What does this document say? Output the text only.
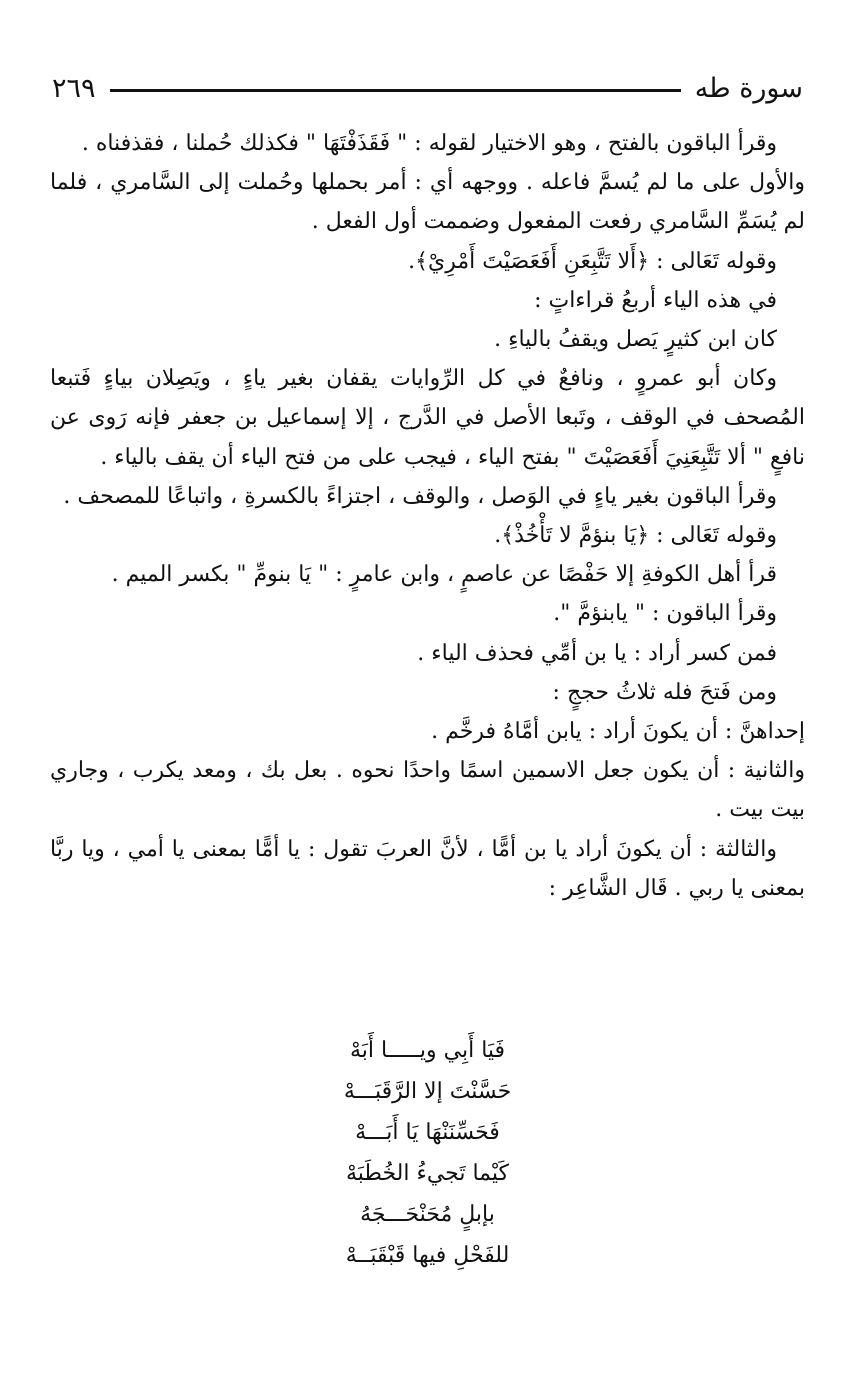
سورة طه
٢٦٩

وقرأ الباقون بالفتح ، وهو الاختيار لقوله : " فَقَذَفْتَهَا " فكذلك حُملنا ، فقذفناه .

والأول على ما لم يُسمَّ فاعله . ووجهه أي : أمر بحملها وحُملت إلى السَّامري ، فلما لم يُسَمِّ السَّامري رفعت المفعول وضممت أول الفعل .

وقوله تَعَالى : ﴿أَلا تَتَّبِعَنِ أَفَعَصَيْتَ أَمْرِيْ﴾.

في هذه الياء أربعُ قراءاتٍ :

كان ابن كثيرٍ يَصل ويقفُ بالياءِ .

وكان أبو عمروٍ ، ونافعٌ في كل الرِّوايات يقفان بغير ياءٍ ، ويَصِلان بياءٍ فَتبعا المُصحف في الوقف ، وتَبعا الأصل في الدَّرج ، إلا إسماعيل بن جعفر فإنه رَوى عن نافعٍ " ألا تَتَّبِعَنِيَ أَفَعَصَيْتَ " بفتح الياء ، فيجب على من فتح الياء أن يقف بالياء .

وقرأ الباقون بغير ياءٍ في الوَصل ، والوقف ، اجتزاءً بالكسرةِ ، واتباعًا للمصحف .

وقوله تَعَالى : ﴿يَا بنؤمَّ لا تَأْخُذْ﴾.

قرأ أهل الكوفةِ إلا حَفْصًا عن عاصمٍ ، وابن عامرٍ : " يَا بنومِّ " بكسر الميم .

وقرأ الباقون : " يابنؤمَّ ".

فمن كسر أراد : يا بن أمِّي فحذف الياء .

ومن فَتحَ فله ثلاثُ حججٍ :

إحداهنَّ : أن يكونَ أراد : يابن أمَّاهُ فرخَّم .

والثانية : أن يكون جعل الاسمين اسمًا واحدًا نحوه . بعل بك ، ومعد يكرب ، وجاري بيت بيت .

والثالثة : أن يكونَ أراد يا بن أمًّا ، لأنَّ العربَ تقول : يا أمًّا بمعنى يا أمي ، ويا ربَّا بمعنى يا ربي . قَال الشَّاعِر :

فَيَا أَبِي ويـــــا أَبَهْ
حَسَّنْتَ إلا الرَّقَبَـــهْ
فَحَسِّنَنْهَا يَا أَبَـــهْ
كَيْما تَجيءُ الخُطَبَهْ
بإبلٍ مُحَنْحَـــجَهُ
للفَحْلِ فيها قَبْقَبَــهْ
